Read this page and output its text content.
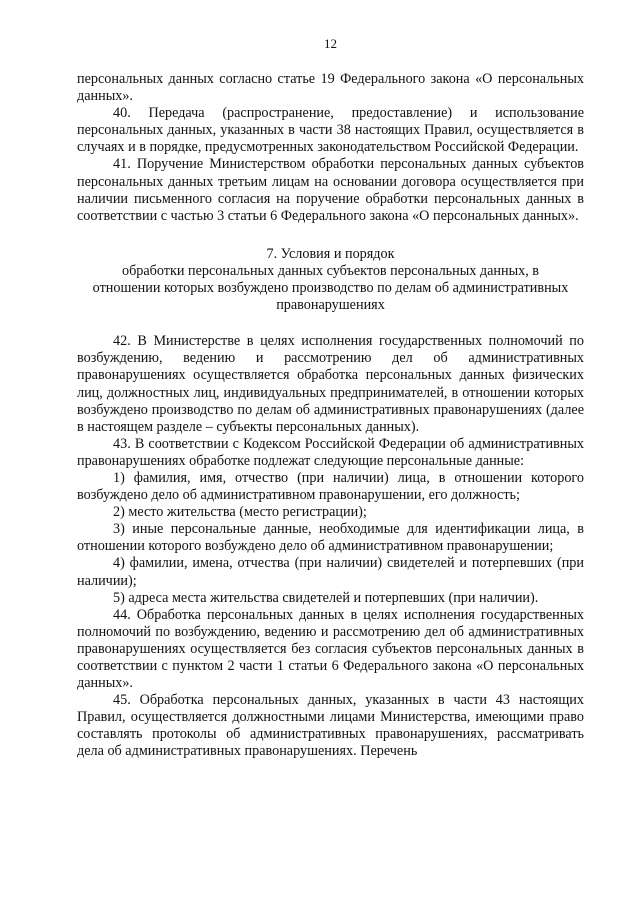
12

персональных данных согласно статье 19 Федерального закона «О персональных данных».

40. Передача (распространение, предоставление) и использование персональных данных, указанных в части 38 настоящих Правил, осуществляется в случаях и в порядке, предусмотренных законодательством Российской Федерации.

41. Поручение Министерством обработки персональных данных субъектов персональных данных третьим лицам на основании договора осуществляется при наличии письменного согласия на поручение обработки персональных данных в соответствии с частью 3 статьи 6 Федерального закона «О персональных данных».

7. Условия и порядок
обработки персональных данных субъектов персональных данных, в
отношении которых возбуждено производство по делам об административных
правонарушениях

42. В Министерстве в целях исполнения государственных полномочий по возбуждению, ведению и рассмотрению дел об административных правонарушениях осуществляется обработка персональных данных физических лиц, должностных лиц, индивидуальных предпринимателей, в отношении которых возбуждено производство по делам об административных правонарушениях (далее в настоящем разделе – субъекты персональных данных).

43. В соответствии с Кодексом Российской Федерации об административных правонарушениях обработке подлежат следующие персональные данные:

1) фамилия, имя, отчество (при наличии) лица, в отношении которого возбуждено дело об административном правонарушении, его должность;

2) место жительства (место регистрации);

3) иные персональные данные, необходимые для идентификации лица, в отношении которого возбуждено дело об административном правонарушении;

4) фамилии, имена, отчества (при наличии) свидетелей и потерпевших (при наличии);

5) адреса места жительства свидетелей и потерпевших (при наличии).

44. Обработка персональных данных в целях исполнения государственных полномочий по возбуждению, ведению и рассмотрению дел об административных правонарушениях осуществляется без согласия субъектов персональных данных в соответствии с пунктом 2 части 1 статьи 6 Федерального закона «О персональных данных».

45. Обработка персональных данных, указанных в части 43 настоящих Правил, осуществляется должностными лицами Министерства, имеющими право составлять протоколы об административных правонарушениях, рассматривать дела об административных правонарушениях. Перечень
